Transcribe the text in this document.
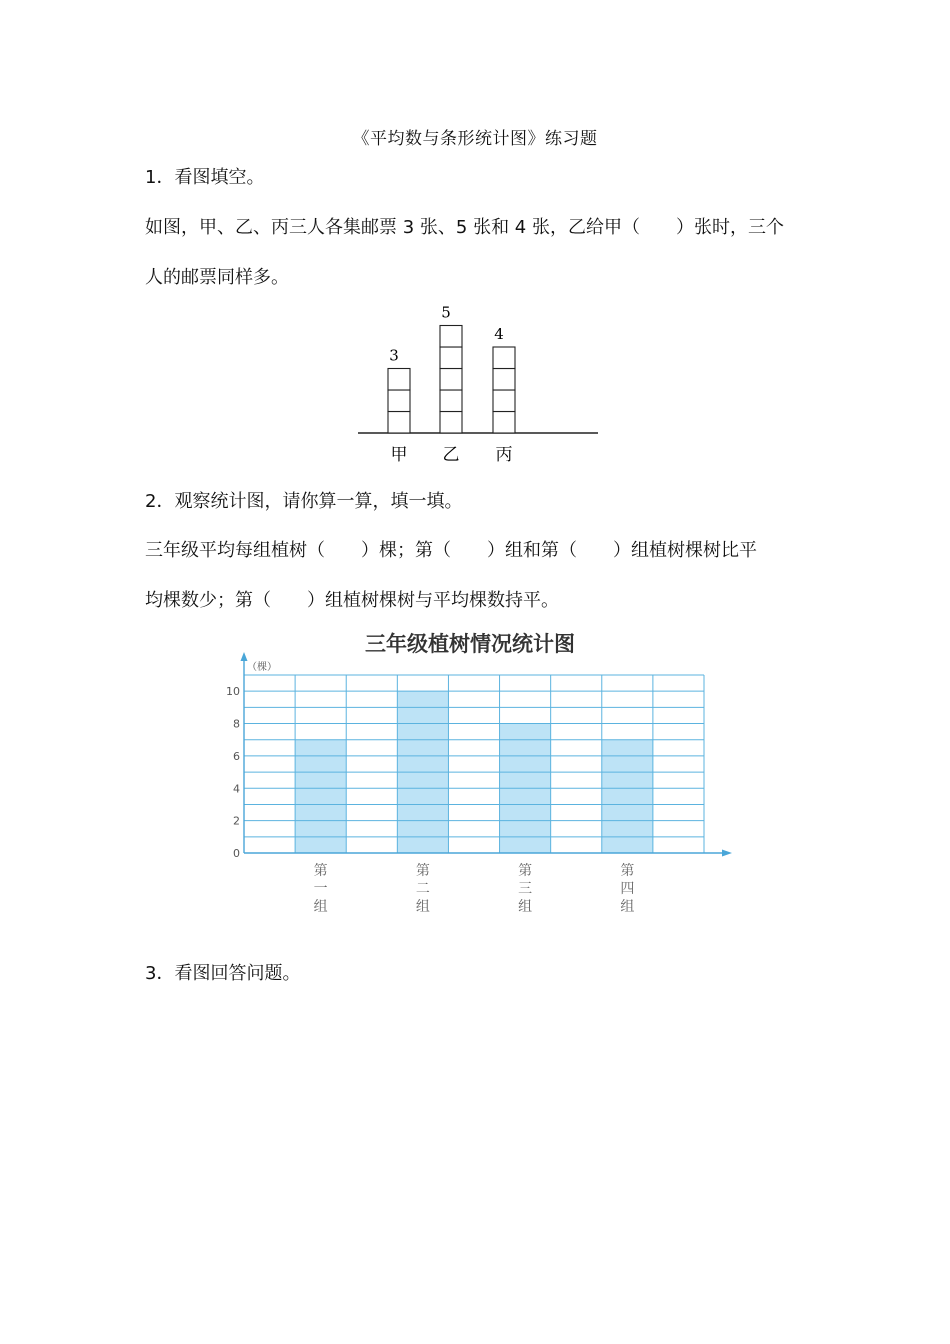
《平均数与条形统计图》练习题
1．看图填空。
如图，甲、乙、丙三人各集邮票 3 张、5 张和 4 张，乙给甲（　　）张时，三个
人的邮票同样多。
3
甲
5
乙
4
丙
2．观察统计图，请你算一算，填一填。
三年级平均每组植树（　　）棵；第（　　）组和第（　　）组植树棵树比平
均棵数少；第（　　）组植树棵树与平均棵数持平。
三年级植树情况统计图
（棵）
0
2
4
6
8
10
第
一
组
第
二
组
第
三
组
第
四
组
3．看图回答问题。
